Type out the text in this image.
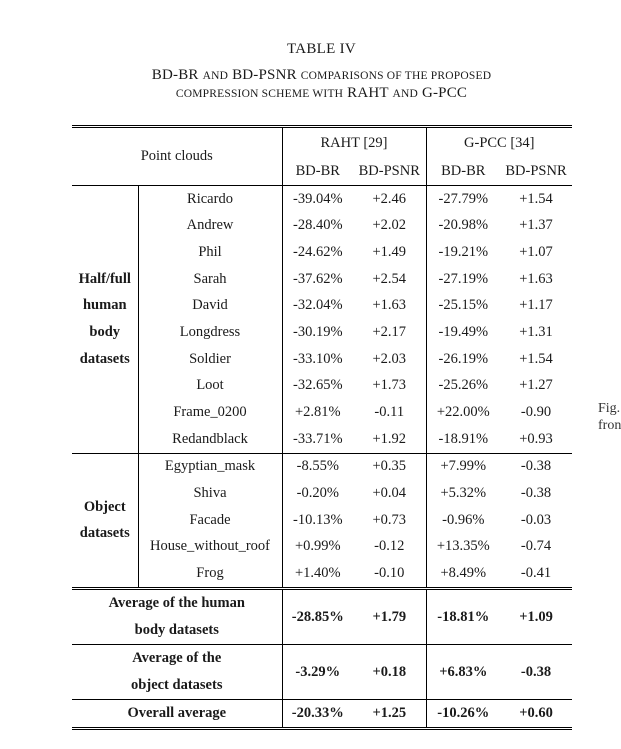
TABLE IV
BD-BR AND BD-PSNR COMPARISONS OF THE PROPOSED
COMPRESSION SCHEME WITH RAHT AND G-PCC
Point clouds		RAHT [29]		G-PCC [34]	
		BD-BR	BD-PSNR	BD-BR	BD-PSNR

Half/full
human
body
datasets	Ricardo	-39.04%	+2.46	-27.79%	+1.54
	Andrew	-28.40%	+2.02	-20.98%	+1.37
	Phil	-24.62%	+1.49	-19.21%	+1.07
	Sarah	-37.62%	+2.54	-27.19%	+1.63
	David	-32.04%	+1.63	-25.15%	+1.17
	Longdress	-30.19%	+2.17	-19.49%	+1.31
	Soldier	-33.10%	+2.03	-26.19%	+1.54
	Loot	-32.65%	+1.73	-25.26%	+1.27
	Frame_0200	+2.81%	-0.11	+22.00%	-0.90
	Redandblack	-33.71%	+1.92	-18.91%	+0.93

Object
datasets	Egyptian_mask	-8.55%	+0.35	+7.99%	-0.38
	Shiva	-0.20%	+0.04	+5.32%	-0.38
	Facade	-10.13%	+0.73	-0.96%	-0.03
	House_without_roof	+0.99%	-0.12	+13.35%	-0.74
	Frog	+1.40%	-0.10	+8.49%	-0.41
Average of the human		-28.85%	+1.79	-18.81%	+1.09
body datasets					
Average of the		-3.29%	+0.18	+6.83%	-0.38
object datasets					
Overall average		-20.33%	+1.25	-10.26%	+0.60
Fig.
fron
